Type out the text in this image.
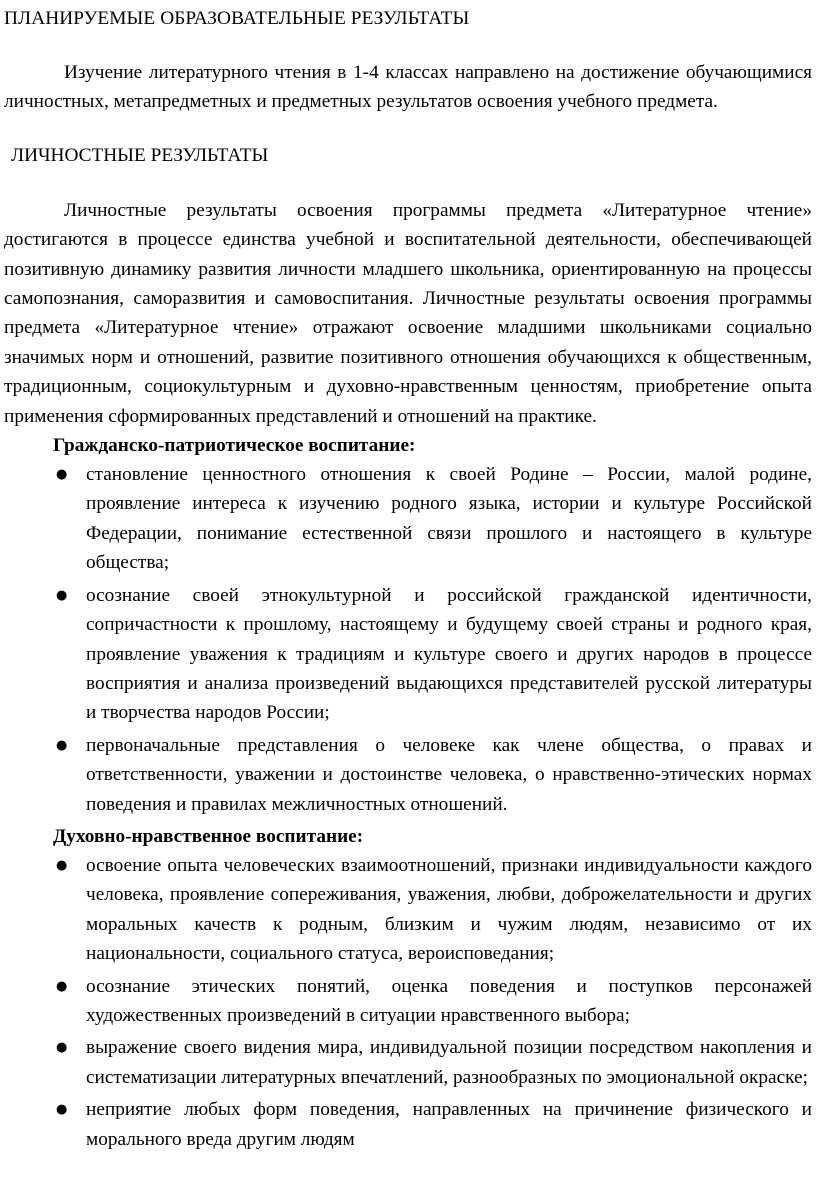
ПЛАНИРУЕМЫЕ ОБРАЗОВАТЕЛЬНЫЕ РЕЗУЛЬТАТЫ

Изучение литературного чтения в 1-4 классах направлено на достижение обучающимися личностных, метапредметных и предметных результатов освоения учебного предмета.

ЛИЧНОСТНЫЕ РЕЗУЛЬТАТЫ

Личностные результаты освоения программы предмета «Литературное чтение» достигаются в процессе единства учебной и воспитательной деятельности, обеспечивающей позитивную динамику развития личности младшего школьника, ориентированную на процессы самопознания, саморазвития и самовоспитания. Личностные результаты освоения программы предмета «Литературное чтение» отражают освоение младшими школьниками социально значимых норм и отношений, развитие позитивного отношения обучающихся к общественным, традиционным, социокультурным и духовно-нравственным ценностям, приобретение опыта применения сформированных представлений и отношений на практике.

Гражданско-патриотическое воспитание:

● становление ценностного отношения к своей Родине – России, малой родине, проявление интереса к изучению родного языка, истории и культуре Российской Федерации, понимание естественной связи прошлого и настоящего в культуре общества;
● осознание своей этнокультурной и российской гражданской идентичности, сопричастности к прошлому, настоящему и будущему своей страны и родного края, проявление уважения к традициям и культуре своего и других народов в процессе восприятия и анализа произведений выдающихся представителей русской литературы и творчества народов России;
● первоначальные представления о человеке как члене общества, о правах и ответственности, уважении и достоинстве человека, о нравственно-этических нормах поведения и правилах межличностных отношений.

Духовно-нравственное воспитание:

● освоение опыта человеческих взаимоотношений, признаки индивидуальности каждого человека, проявление сопереживания, уважения, любви, доброжелательности и других моральных качеств к родным, близким и чужим людям, независимо от их национальности, социального статуса, вероисповедания;
● осознание этических понятий, оценка поведения и поступков персонажей художественных произведений в ситуации нравственного выбора;
● выражение своего видения мира, индивидуальной позиции посредством накопления и систематизации литературных впечатлений, разнообразных по эмоциональной окраске;
● неприятие любых форм поведения, направленных на причинение физического и морального вреда другим людям
